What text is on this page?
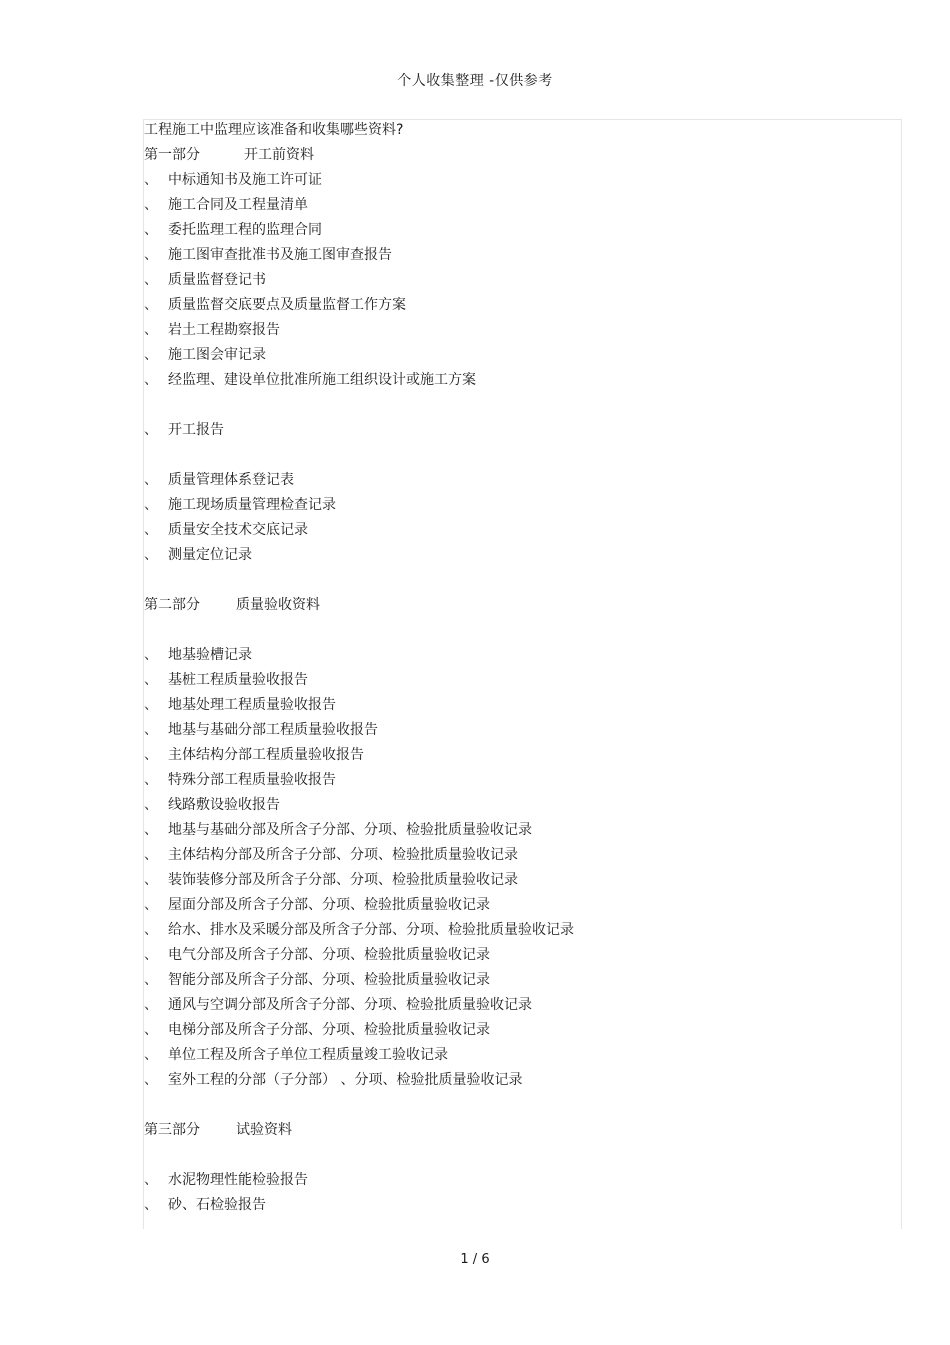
个人收集整理 -仅供参考
工程施工中监理应该准备和收集哪些资料?
第一部分	开工前资料
、 中标通知书及施工许可证
、 施工合同及工程量清单
、 委托监理工程的监理合同
、 施工图审查批准书及施工图审查报告
、 质量监督登记书
、 质量监督交底要点及质量监督工作方案
、 岩土工程勘察报告
、 施工图会审记录
、 经监理、建设单位批准所施工组织设计或施工方案
、 开工报告
、 质量管理体系登记表
、 施工现场质量管理检查记录
、 质量安全技术交底记录
、 测量定位记录
第二部分	质量验收资料
、 地基验槽记录
、 基桩工程质量验收报告
、 地基处理工程质量验收报告
、 地基与基础分部工程质量验收报告
、 主体结构分部工程质量验收报告
、 特殊分部工程质量验收报告
、 线路敷设验收报告
、 地基与基础分部及所含子分部、分项、检验批质量验收记录
、 主体结构分部及所含子分部、分项、检验批质量验收记录
、 装饰装修分部及所含子分部、分项、检验批质量验收记录
、 屋面分部及所含子分部、分项、检验批质量验收记录
、 给水、排水及采暖分部及所含子分部、分项、检验批质量验收记录
、 电气分部及所含子分部、分项、检验批质量验收记录
、 智能分部及所含子分部、分项、检验批质量验收记录
、 通风与空调分部及所含子分部、分项、检验批质量验收记录
、 电梯分部及所含子分部、分项、检验批质量验收记录
、 单位工程及所含子单位工程质量竣工验收记录
、 室外工程的分部（子分部） 、分项、检验批质量验收记录
第三部分	试验资料
、 水泥物理性能检验报告
、 砂、石检验报告
1 / 6
